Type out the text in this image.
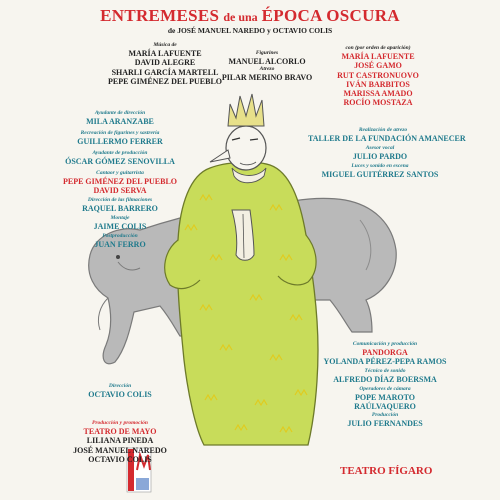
ENTREMESES de una ÉPOCA OSCURA
de JOSÉ MANUEL NAREDO y OCTAVIO COLIS
Música de
MARÍA LAFUENTE
DAVID ALEGRE
SHARLI GARCÍA MARTELL
PEPE GIMÉNEZ DEL PUEBLO
Figurines
MANUEL ALCORLO
Atrezo
PILAR MERINO BRAVO
con (por orden de aparición)
MARÍA LAFUENTE
JOSÉ GAMO
RUT CASTRONUOVO
IVÁN BARBITOS
MARISSA AMADO
ROCÍO MOSTAZA
Ayudante de dirección
MILA ARANZABE
Recreación de figurines y sastrería
GUILLERMO FERRER
Ayudante de producción
ÓSCAR GÓMEZ SENOVILLA
Cantaor y guitarrista
PEPE GIMÉNEZ DEL PUEBLO
DAVID SERVA
Dirección de las filmaciones
RAQUEL BARRERO
Montaje
JAIME COLIS
Postproducción
JUAN FERRO
Realización de atrezo
TALLER DE LA FUNDACIÓN AMANECER
Asesor vocal
JULIO PARDO
Luces y sonido en escena
MIGUEL GUITÉRREZ SANTOS
Comunicación y producción
PANDORGA
YOLANDA PÉREZ-PEPA RAMOS
Técnico de sonido
ALFREDO DÍAZ BOERSMA
Operadores de cámara
POPE MAROTO
RAÚLVAQUERO
Producción
JULIO FERNANDES
Dirección
OCTAVIO COLIS
Producción y promoción
TEATRO DE MAYO
LILIANA PINEDA
JOSÉ MANUEL NAREDO
OCTAVIO COLIS
TEATRO FÍGARO
